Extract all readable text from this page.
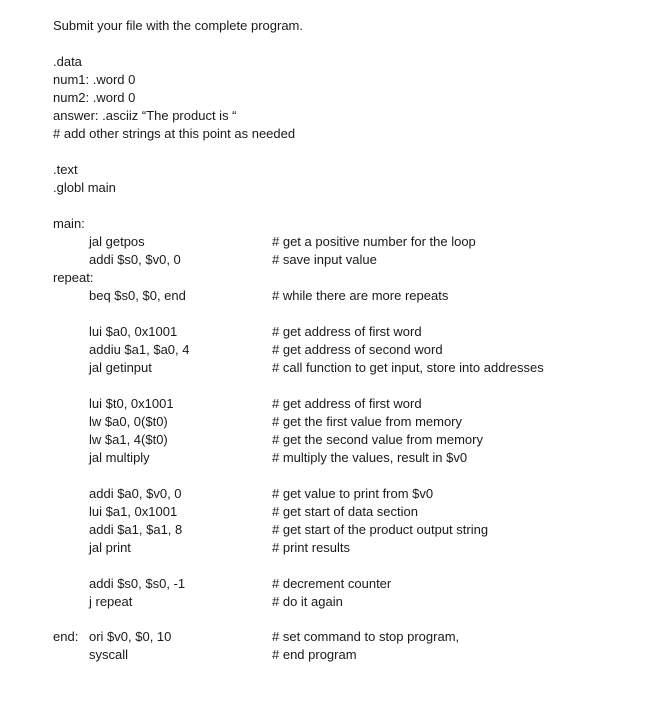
Submit your file with the complete program.
.data
num1: .word 0
num2: .word 0
answer: .asciiz “The product is “
# add other strings at this point as needed
.text
.globl main
main:
jal getpos	# get a positive number for the loop
addi $s0, $v0, 0	# save input value
repeat:
beq $s0, $0, end	# while there are more repeats
lui $a0, 0x1001	# get address of first word
addiu $a1, $a0, 4	# get address of second word
jal getinput	# call function to get input, store into addresses
lui $t0, 0x1001	# get address of first word
lw $a0, 0($t0)	# get the first value from memory
lw $a1, 4($t0)	# get the second value from memory
jal multiply	# multiply the values, result in $v0
addi $a0, $v0, 0	# get value to print from $v0
lui $a1, 0x1001	# get start of data section
addi $a1, $a1, 8	# get start of the product output string
jal print	# print results
addi $s0, $s0, -1	# decrement counter
j repeat	# do it again
end: ori $v0, $0, 10	# set command to stop program,
syscall	# end program
